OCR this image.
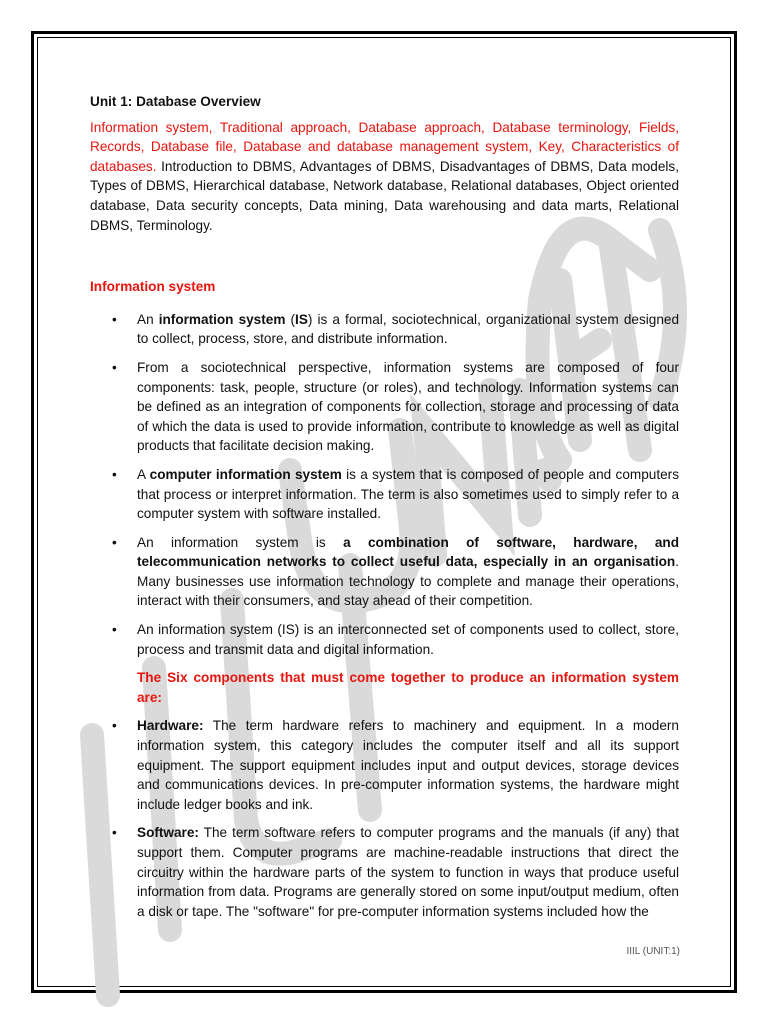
Unit 1: Database Overview

Information system, Traditional approach, Database approach, Database terminology, Fields, Records, Database file, Database and database management system, Key, Characteristics of databases. Introduction to DBMS, Advantages of DBMS, Disadvantages of DBMS, Data models, Types of DBMS, Hierarchical database, Network database, Relational databases, Object oriented database, Data security concepts, Data mining, Data warehousing and data marts, Relational DBMS, Terminology.

Information system

• An information system (IS) is a formal, sociotechnical, organizational system designed to collect, process, store, and distribute information.
• From a sociotechnical perspective, information systems are composed of four components: task, people, structure (or roles), and technology. Information systems can be defined as an integration of components for collection, storage and processing of data of which the data is used to provide information, contribute to knowledge as well as digital products that facilitate decision making.
• A computer information system is a system that is composed of people and computers that process or interpret information. The term is also sometimes used to simply refer to a computer system with software installed.
• An information system is a combination of software, hardware, and telecommunication networks to collect useful data, especially in an organisation. Many businesses use information technology to complete and manage their operations, interact with their consumers, and stay ahead of their competition.
• An information system (IS) is an interconnected set of components used to collect, store, process and transmit data and digital information.

The Six components that must come together to produce an information system are:

• Hardware: The term hardware refers to machinery and equipment. In a modern information system, this category includes the computer itself and all its support equipment. The support equipment includes input and output devices, storage devices and communications devices. In pre-computer information systems, the hardware might include ledger books and ink.
• Software: The term software refers to computer programs and the manuals (if any) that support them. Computer programs are machine-readable instructions that direct the circuitry within the hardware parts of the system to function in ways that produce useful information from data. Programs are generally stored on some input/output medium, often a disk or tape. The "software" for pre-computer information systems included how the
IIIL (UNIT:1)
